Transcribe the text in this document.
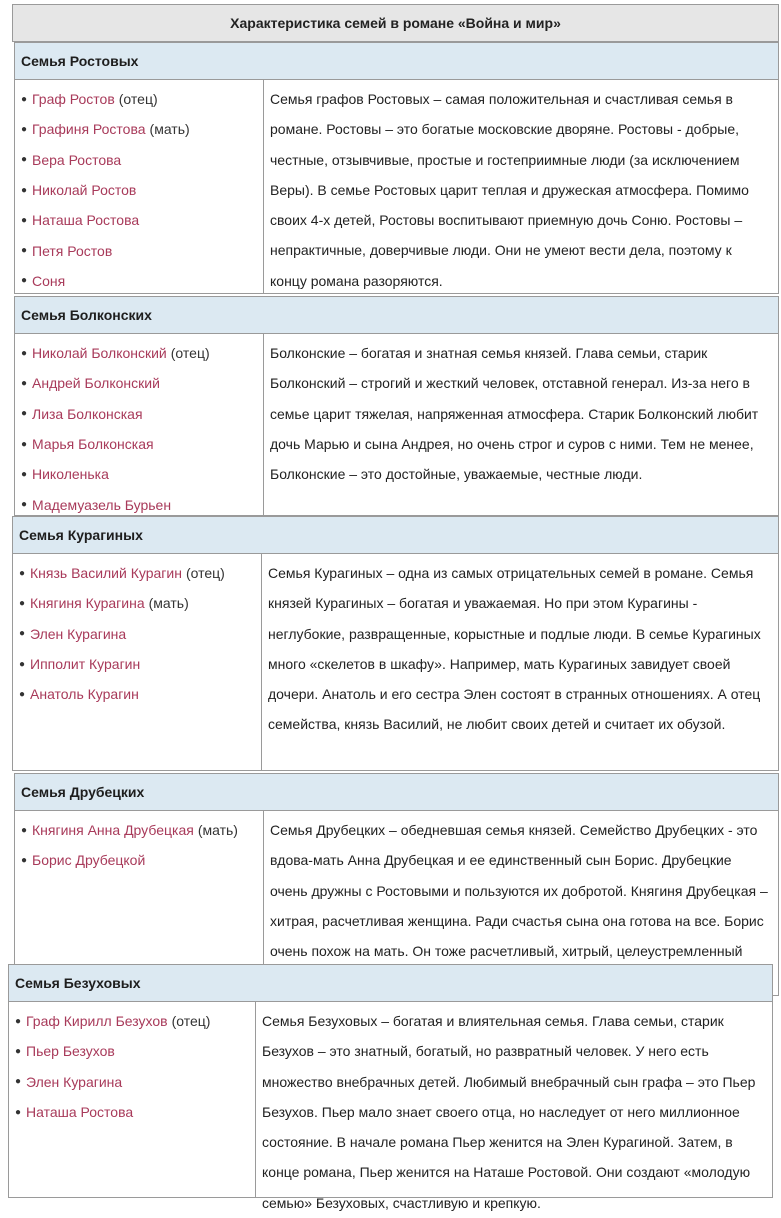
Характеристика семей в романе «Война и мир»
Семья Ростовых
● Граф Ростов (отец)
● Графиня Ростова (мать)
● Вера Ростова
● Николай Ростов
● Наташа Ростова
● Петя Ростов
● Соня
Семья графов Ростовых – самая положительная и счастливая семья в романе. Ростовы – это богатые московские дворяне. Ростовы - добрые, честные, отзывчивые, простые и гостеприимные люди (за исключением Веры). В семье Ростовых царит теплая и дружеская атмосфера. Помимо своих 4-х детей, Ростовы воспитывают приемную дочь Соню. Ростовы – непрактичные, доверчивые люди. Они не умеют вести дела, поэтому к концу романа разоряются.
Семья Болконских
● Николай Болконский (отец)
● Андрей Болконский
● Лиза Болконская
● Марья Болконская
● Николенька
● Мадемуазель Бурьен
Болконские – богатая и знатная семья князей. Глава семьи, старик Болконский – строгий и жесткий человек, отставной генерал. Из-за него в семье царит тяжелая, напряженная атмосфера. Старик Болконский любит дочь Марью и сына Андрея, но очень строг и суров с ними. Тем не менее, Болконские – это достойные, уважаемые, честные люди.
Семья Курагиных
● Князь Василий Курагин (отец)
● Княгиня Курагина (мать)
● Элен Курагина
● Ипполит Курагин
● Анатоль Курагин
Семья Курагиных – одна из самых отрицательных семей в романе. Семья князей Курагиных – богатая и уважаемая. Но при этом Курагины - неглубокие, развращенные, корыстные и подлые люди. В семье Курагиных много «скелетов в шкафу». Например, мать Курагиных завидует своей дочери. Анатоль и его сестра Элен состоят в странных отношениях. А отец семейства, князь Василий, не любит своих детей и считает их обузой.
Семья Друбецких
● Княгиня Анна Друбецкая (мать)
● Борис Друбецкой
Семья Друбецких – обедневшая семья князей. Семейство Друбецких - это вдова-мать Анна Друбецкая и ее единственный сын Борис. Друбецкие очень дружны с Ростовыми и пользуются их добротой. Княгиня Друбецкая – хитрая, расчетливая женщина. Ради счастья сына она готова на все. Борис очень похож на мать. Он тоже расчетливый, хитрый, целеустремленный
Семья Безуховых
● Граф Кирилл Безухов (отец)
● Пьер Безухов
● Элен Курагина
● Наташа Ростова
Семья Безуховых – богатая и влиятельная семья. Глава семьи, старик Безухов – это знатный, богатый, но развратный человек. У него есть множество внебрачных детей. Любимый внебрачный сын графа – это Пьер Безухов. Пьер мало знает своего отца, но наследует от него миллионное состояние. В начале романа Пьер женится на Элен Курагиной. Затем, в конце романа, Пьер женится на Наташе Ростовой. Они создают «молодую семью» Безуховых, счастливую и крепкую.
